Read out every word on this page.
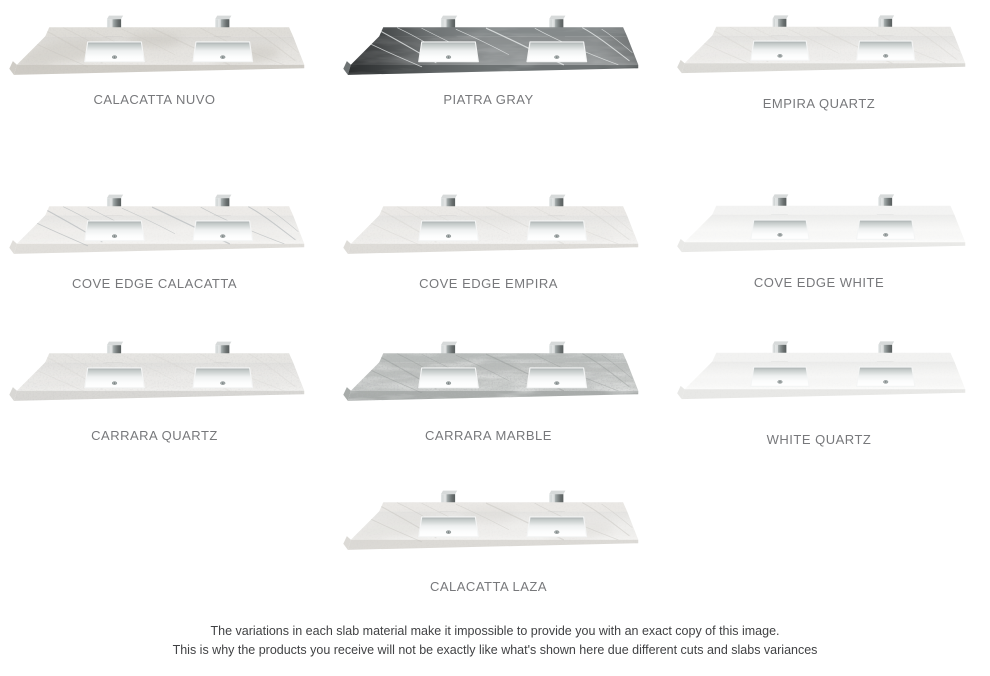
CALACATTA NUVO	PIATRA GRAY	EMPIRA QUARTZ
COVE EDGE CALACATTA	COVE EDGE EMPIRA	COVE EDGE WHITE
CARRARA QUARTZ	CARRARA MARBLE	WHITE QUARTZ
CALACATTA LAZA
The variations in each slab material make it impossible to provide you with an exact copy of this image.
This is why the products you receive will not be exactly like what's shown here due different cuts and slabs variances
